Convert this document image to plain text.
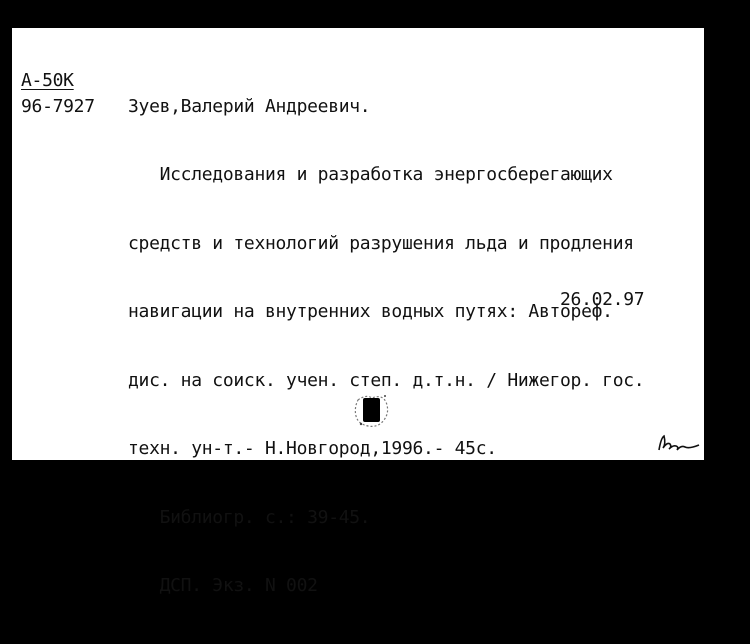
А-50К
96-7927 Зуев,Валерий Андреевич.

Исследования и разработка энергосберегающих

средств и технологий разрушения льда и продления

навигации на внутренних водных путях: Автореф.

дис. на соиск. учен. степ. д.т.н. / Нижегор. гос.

техн. ун-т.- Н.Новгород,1996.- 45с.

Библиогр. с.: 39-45.

ДСП. Экз. N 002

26.02.97
